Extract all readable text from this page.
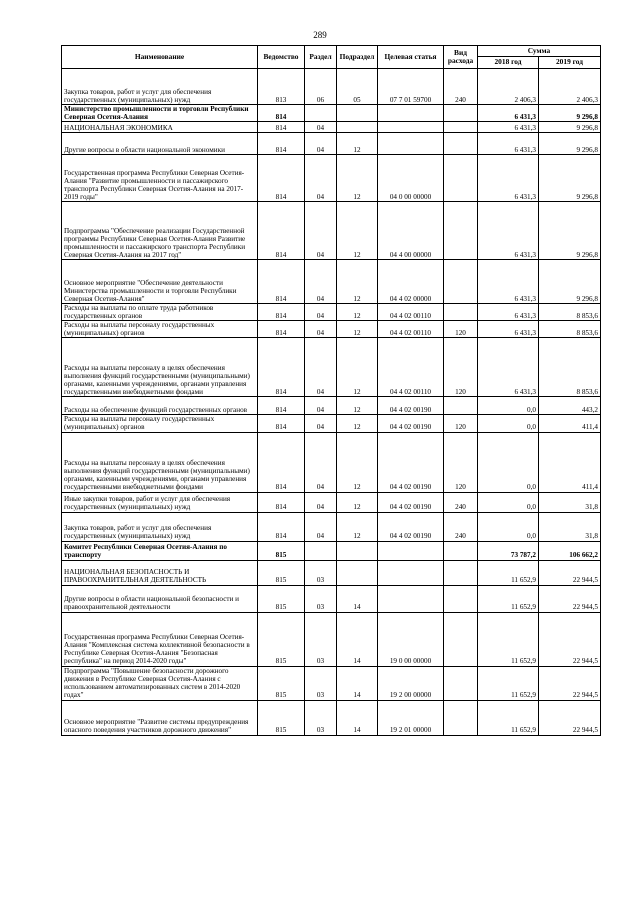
289
Наименование	Ведомство	Раздел	Подраздел	Целевая статья	Вид расхода	Сумма	
						2018 год	2019 год
Закупка товаров, работ и услуг для обеспечения государственных (муниципальных) нужд	813	06	05	07 7 01 59700	240	2 406,3	2 406,3
Министерство промышленности и торговли Республики Северная Осетия-Алания	814					6 431,3	9 296,8
НАЦИОНАЛЬНАЯ ЭКОНОМИКА	814	04				6 431,3	9 296,8
Другие вопросы в области национальной экономики	814	04	12			6 431,3	9 296,8
Государственная программа Республики Северная Осетия-Алания "Развитие промышленности и пассажирского транспорта Республики Северная Осетия-Алания на 2017-2019 годы"	814	04	12	04 0 00 00000		6 431,3	9 296,8
Подпрограмма "Обеспечение реализации Государственной программы Республики Северная Осетия-Алания Развитие промышленности и пассажирского транспорта Республики Северная Осетия-Алания на 2017 год"	814	04	12	04 4 00 00000		6 431,3	9 296,8
Основное мероприятие "Обеспечение деятельности Министерства промышленности и торговли Республики Северная Осетия-Алания"	814	04	12	04 4 02 00000		6 431,3	9 296,8
Расходы на выплаты по оплате труда работников государственных органов	814	04	12	04 4 02 00110		6 431,3	8 853,6
Расходы на выплаты персоналу государственных (муниципальных) органов	814	04	12	04 4 02 00110	120	6 431,3	8 853,6
Расходы на выплаты персоналу в целях обеспечения выполнения функций государственными (муниципальными) органами, казенными учреждениями, органами управления государственными внебюджетными фондами	814	04	12	04 4 02 00110	120	6 431,3	8 853,6
Расходы на обеспечение функций государственных органов	814	04	12	04 4 02 00190		0,0	443,2
Расходы на выплаты персоналу государственных (муниципальных) органов	814	04	12	04 4 02 00190	120	0,0	411,4
Расходы на выплаты персоналу в целях обеспечения выполнения функций государственными (муниципальными) органами, казенными учреждениями, органами управления государственными внебюджетными фондами	814	04	12	04 4 02 00190	120	0,0	411,4
Иные закупки товаров, работ и услуг для обеспечения государственных (муниципальных) нужд	814	04	12	04 4 02 00190	240	0,0	31,8
Закупка товаров, работ и услуг для обеспечения государственных (муниципальных) нужд	814	04	12	04 4 02 00190	240	0,0	31,8
Комитет Республики Северная Осетия-Алания по транспорту	815					73 787,2	106 662,2
НАЦИОНАЛЬНАЯ БЕЗОПАСНОСТЬ И ПРАВООХРАНИТЕЛЬНАЯ ДЕЯТЕЛЬНОСТЬ	815	03				11 652,9	22 944,5
Другие вопросы в области национальной безопасности и правоохранительной деятельности	815	03	14			11 652,9	22 944,5
Государственная программа Республики Северная Осетия-Алания "Комплексная система коллективной безопасности в Республике Северная Осетия-Алания "Безопасная республика" на период 2014-2020 годы"	815	03	14	19 0 00 00000		11 652,9	22 944,5
Подпрограмма "Повышение безопасности дорожного движения в Республике Северная Осетия-Алания с использованием автоматизированных систем в 2014-2020 годах"	815	03	14	19 2 00 00000		11 652,9	22 944,5
Основное мероприятие "Развитие системы предупреждения опасного поведения участников дорожного движения"	815	03	14	19 2 01 00000		11 652,9	22 944,5
